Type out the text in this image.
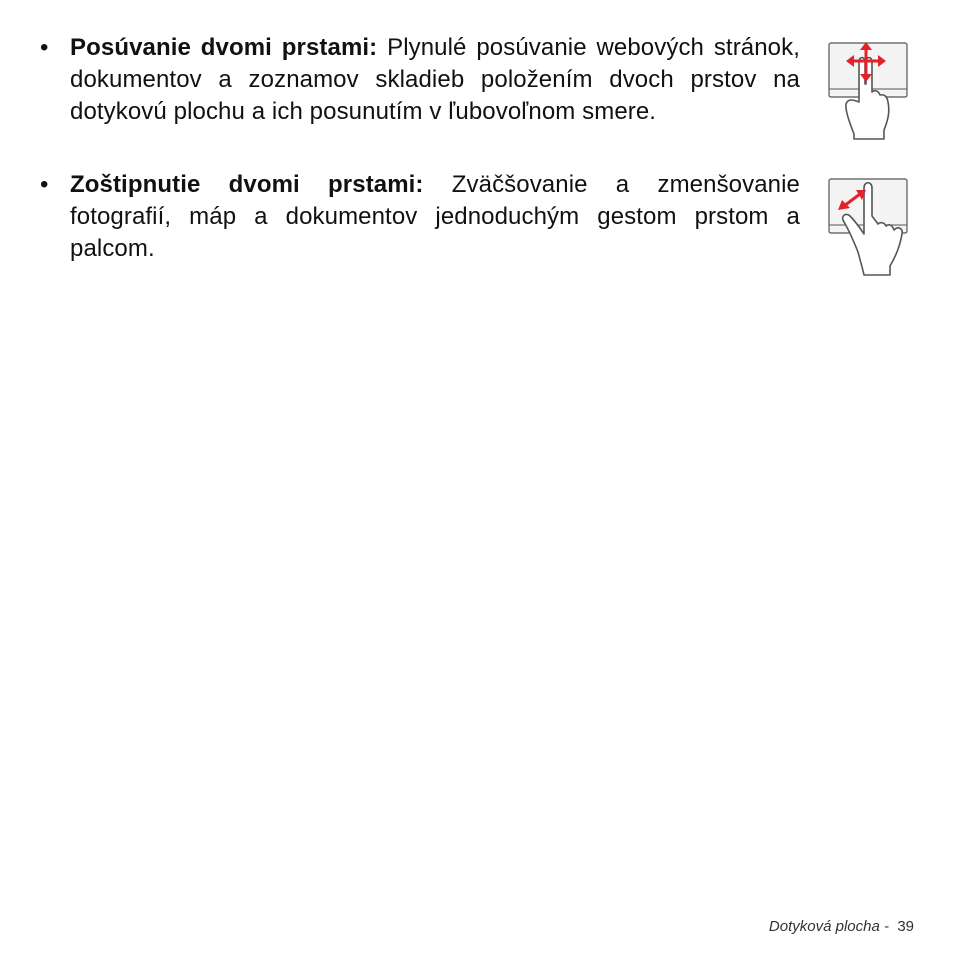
• Posúvanie dvomi prstami: Plynulé posúvanie webových stránok, dokumentov a zoznamov skladieb položením dvoch prstov na dotykovú plochu a ich posunutím v ľubovoľnom smere.
• Zoštipnutie dvomi prstami: Zväčšovanie a zmenšovanie fotografií, máp a dokumentov jednoduchým gestom prstom a palcom.
Dotyková plocha -  39
